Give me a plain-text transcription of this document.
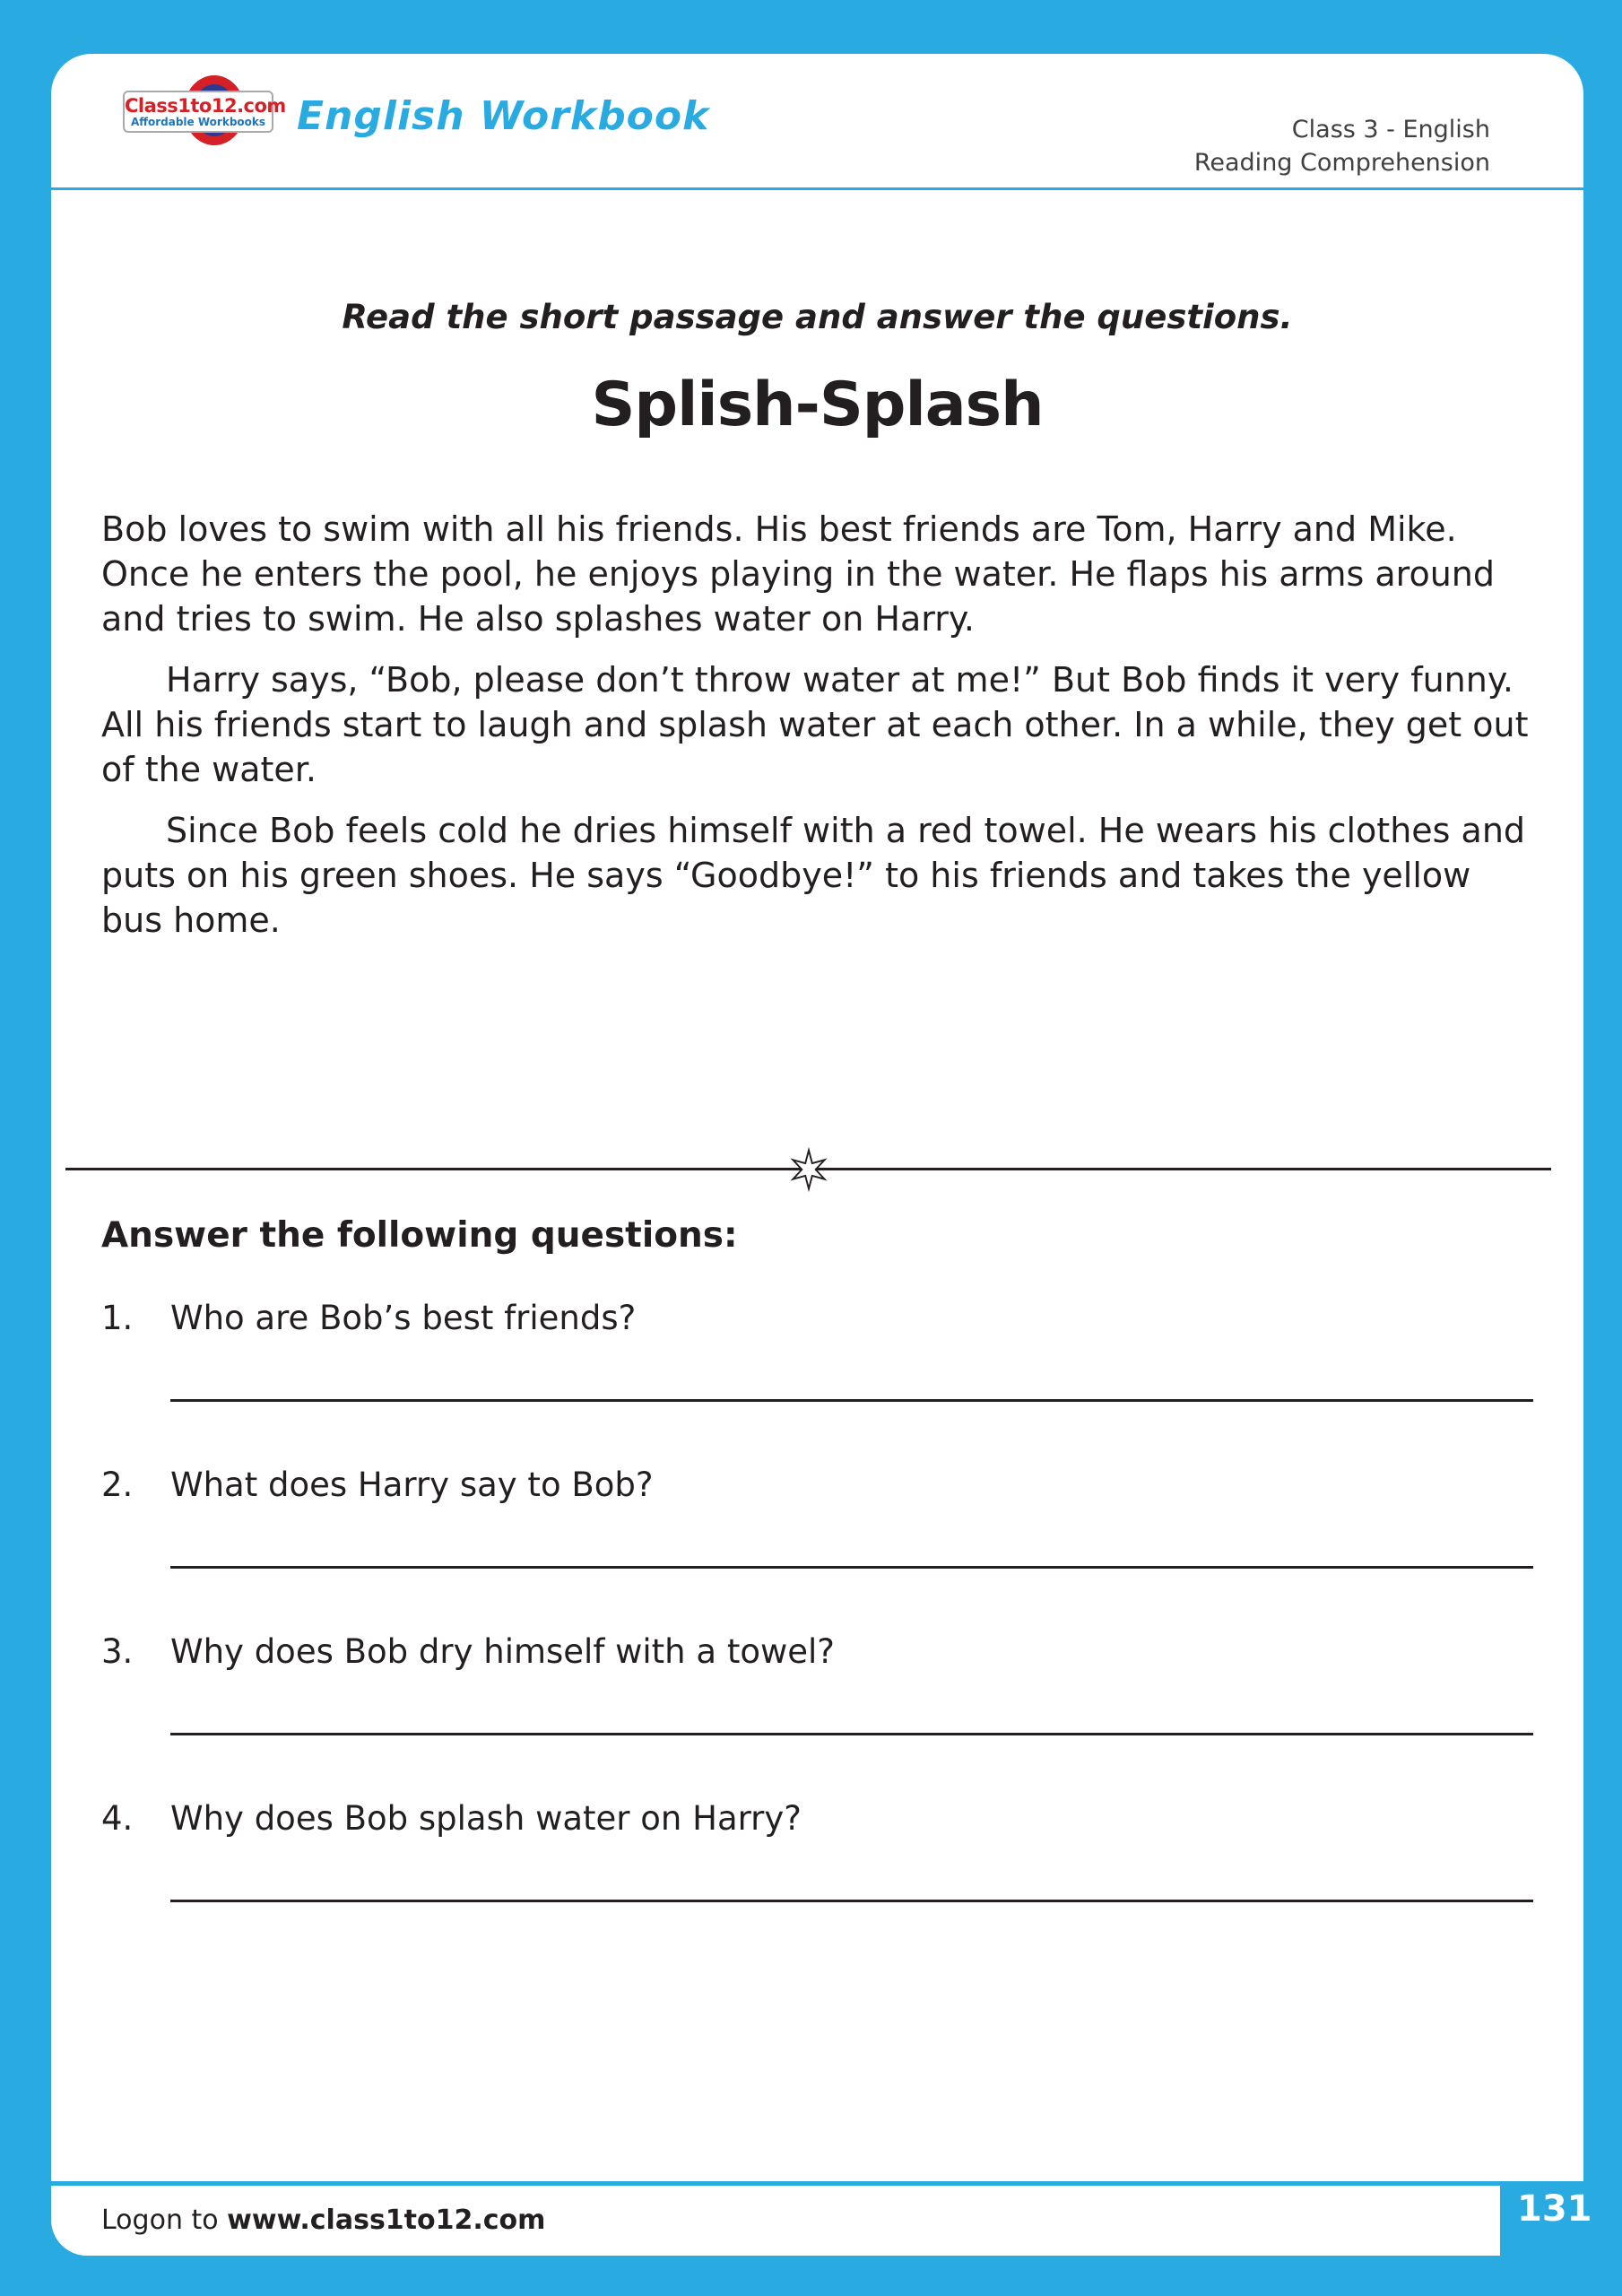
Class1to12.com
Affordable Workbooks English Workbook	Class 3 - English
Reading Comprehension
Read the short passage and answer the questions.
Splish-Splash

Bob loves to swim with all his friends. His best friends are Tom, Harry and Mike. Once he enters the pool, he enjoys playing in the water. He flaps his arms around and tries to swim. He also splashes water on Harry.

Harry says, “Bob, please don’t throw water at me!” But Bob finds it very funny. All his friends start to laugh and splash water at each other. In a while, they get out of the water.

Since Bob feels cold he dries himself with a red towel. He wears his clothes and puts on his green shoes. He says “Goodbye!” to his friends and takes the yellow bus home.

Answer the following questions:
1.	Who are Bob’s best friends?
2.	What does Harry say to Bob?
3.	Why does Bob dry himself with a towel?
4.	Why does Bob splash water on Harry?
Logon to www.class1to12.com	131
